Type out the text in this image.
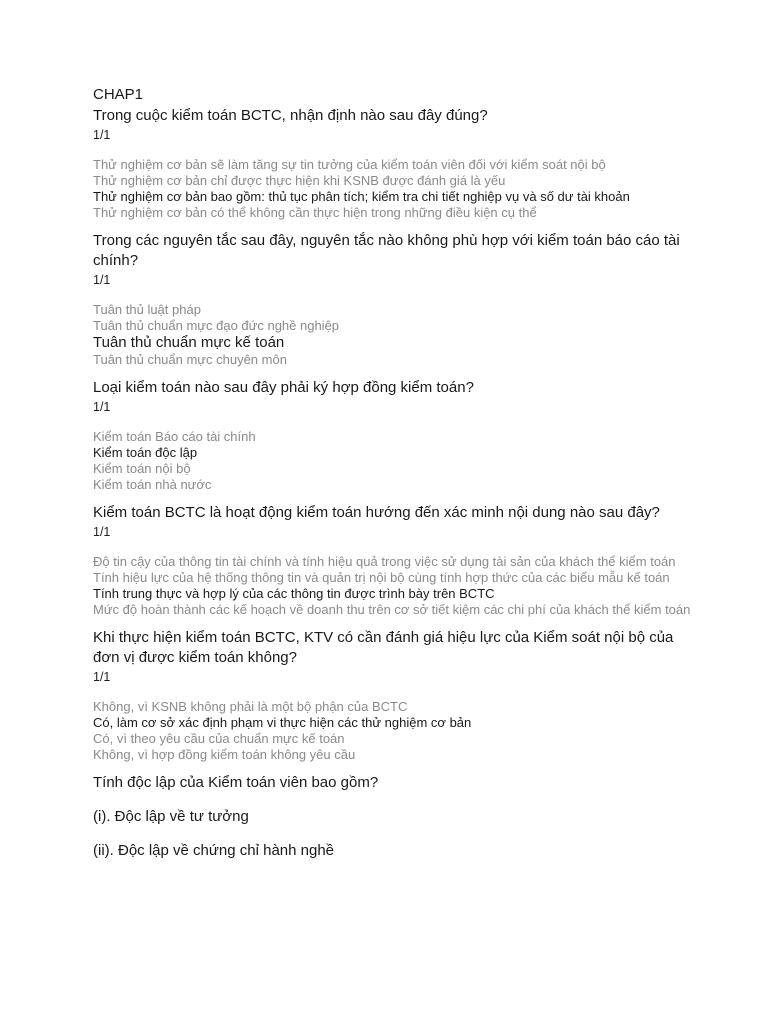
CHAP1
Trong cuộc kiểm toán BCTC, nhận định nào sau đây đúng?
1/1
Thử nghiệm cơ bản sẽ làm tăng sự tin tưởng của kiểm toán viên đối với kiểm soát nội bộ
Thử nghiệm cơ bản chỉ được thực hiện khi KSNB được đánh giá là yếu
Thử nghiệm cơ bản bao gồm: thủ tục phân tích; kiểm tra chi tiết nghiệp vụ và số dư tài khoản
Thử nghiệm cơ bản có thể không cần thực hiện trong những điều kiện cụ thể
Trong các nguyên tắc sau đây, nguyên tắc nào không phù hợp với kiểm toán báo cáo tài chính?
1/1
Tuân thủ luật pháp
Tuân thủ chuẩn mực đạo đức nghề nghiệp
Tuân thủ chuẩn mực kế toán
Tuân thủ chuẩn mực chuyên môn
Loại kiểm toán nào sau đây phải ký hợp đồng kiểm toán?
1/1
Kiểm toán Báo cáo tài chính
Kiểm toán độc lập
Kiểm toán nội bộ
Kiểm toán nhà nước
Kiểm toán BCTC là hoạt động kiểm toán hướng đến xác minh nội dung nào sau đây?
1/1
Độ tin cậy của thông tin tài chính và tính hiệu quả trong việc sử dụng tài sản của khách thể kiểm toán
Tính hiệu lực của hệ thống thông tin và quản trị nội bộ cùng tính hợp thức của các biểu mẫu kế toán
Tính trung thực và hợp lý của các thông tin được trình bày trên BCTC
Mức độ hoàn thành các kế hoạch về doanh thu trên cơ sở tiết kiệm các chi phí của khách thể kiểm toán
Khi thực hiện kiểm toán BCTC, KTV có cần đánh giá hiệu lực của Kiểm soát nội bộ của đơn vị được kiểm toán không?
1/1
Không, vì KSNB không phải là một bộ phận của BCTC
Có, làm cơ sở xác định phạm vi thực hiện các thử nghiệm cơ bản
Có, vì theo yêu cầu của chuẩn mực kế toán
Không, vì hợp đồng kiểm toán không yêu cầu
Tính độc lập của Kiểm toán viên bao gồm?
(i). Độc lập về tư tưởng
(ii). Độc lập về chứng chỉ hành nghề
